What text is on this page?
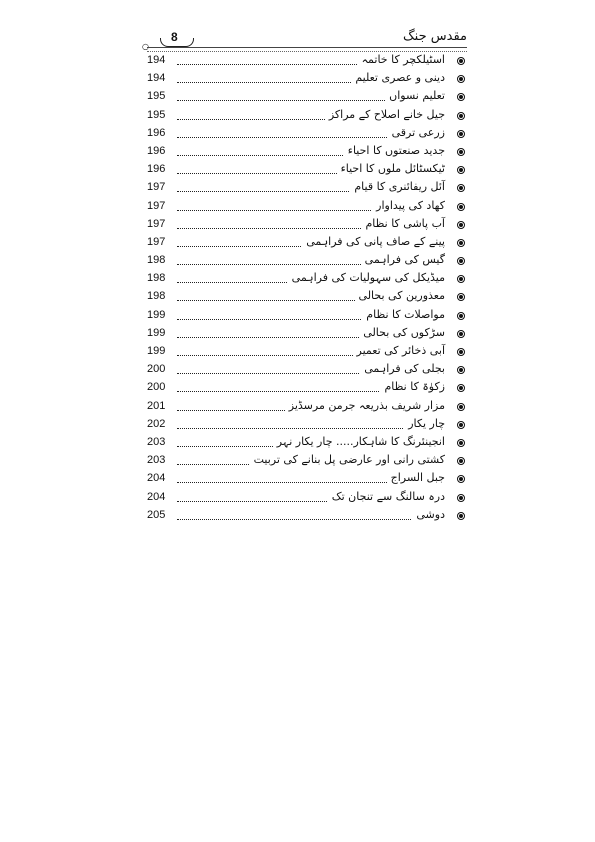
مقدس جنگ
8
○
194	اسٹیلکچر کا خاتمہ
194	دینی و عصری تعلیم
195	تعلیم نسواں
195	جیل خانے اصلاح کے مراکز
196	زرعی ترقی
196	جدید صنعتوں کا احیاء
196	ٹیکسٹائل ملوں کا احیاء
197	آئل ریفائنری کا قیام
197	کھاد کی پیداوار
197	آب پاشی کا نظام
197	پینے کے صاف پانی کی فراہمی
198	گیس کی فراہمی
198	میڈیکل کی سہولیات کی فراہمی
198	معذورین کی بحالی
199	مواصلات کا نظام
199	سڑکوں کی بحالی
199	آبی ذخائر کی تعمیر
200	بجلی کی فراہمی
200	زکوٰۃ کا نظام
201	مزار شریف بذریعہ جرمن مرسڈیز
202	چار یکار
203	انجینئرنگ کا شاہکار..... چار یکار نہر
203	کشتی رانی اور عارضی پل بنانے کی تربیت
204	جبل السراج
204	درہ سالنگ سے تنجان تک
205	دوشی
